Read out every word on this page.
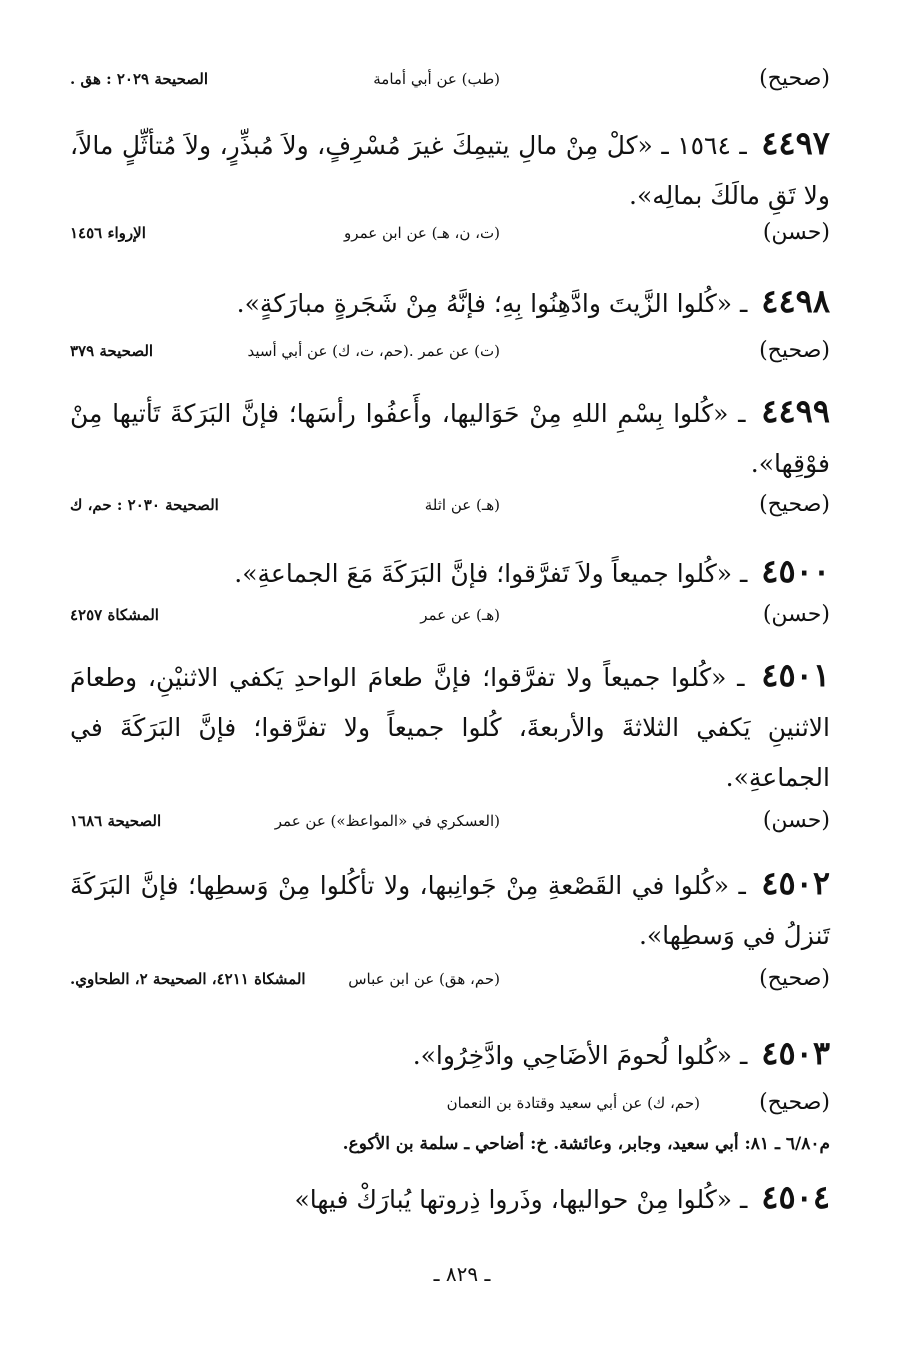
( صحيح )
(طب) عن أبي أمامة
الصحيحة ٢٠٢٩ : هق .
٤٤٩٧ ـ ١٥٦٤ ـ «كلْ مِنْ مالِ يتيمِكَ غيرَ مُسْرِفٍ، ولاَ مُبذِّرٍ، ولاَ مُتأثِّلٍ مالاً، ولا تَقِ مالَكَ بمالِه».
( حسن )
(ت، ن، هـ) عن ابن عمرو
الإرواء ١٤٥٦
٤٤٩٨ ـ «كُلوا الزَّيتَ وادَّهِنُوا بِهِ؛ فإنَّهُ مِنْ شَجَرةٍ مبارَكةٍ».
( صحيح )
(ت) عن عمر .(حم، ت، ك) عن أبي أسيد
الصحيحة ٣٧٩
٤٤٩٩ ـ «كُلوا بِسْمِ اللهِ مِنْ حَوَاليها، وأَعفُوا رأسَها؛ فإنَّ البَرَكةَ تَأتيها مِنْ فوْقِها».
( صحيح )
(هـ) عن اثلة
الصحيحة ٢٠٣٠ : حم، ك
٤٥٠٠ ـ «كُلوا جميعاً ولاَ تَفرَّقوا؛ فإنَّ البَرَكَةَ مَعَ الجماعةِ».
( حسن )
(هـ) عن عمر
المشكاة ٤٢٥٧
٤٥٠١ ـ «كُلوا جميعاً ولا تفرَّقوا؛ فإنَّ طعامَ الواحدِ يَكفي الاثنيْنِ، وطعامَ الاثنينِ يَكفي الثلاثةَ والأربعةَ، كُلوا جميعاً ولا تفرَّقوا؛ فإنَّ البَرَكَةَ في الجماعةِ».
( حسن )
(العسكري في «المواعظ») عن عمر
الصحيحة ١٦٨٦
٤٥٠٢ ـ «كُلوا في القَصْعةِ مِنْ جَوانِبها، ولا تأكُلوا مِنْ وَسطِها؛ فإنَّ البَرَكَةَ تَنزلُ في وَسطِها».
( صحيح )
(حم، هق) عن ابن عباس
المشكاة ٤٢١١، الصحيحة ٢، الطحاوي.
٤٥٠٣ ـ «كُلوا لُحومَ الأضَاحِي وادَّخِرُوا».
( صحيح )
(حم، ك) عن أبي سعيد وقتادة بن النعمان
م٦/٨٠ ـ ٨١: أبي سعيد، وجابر، وعائشة. خ: أضاحي ـ سلمة بن الأكوع.
٤٥٠٤ ـ «كُلوا مِنْ حواليها، وذَروا ذِروتها يُبارَكْ فيها»
ـ ٨٢٩ ـ
